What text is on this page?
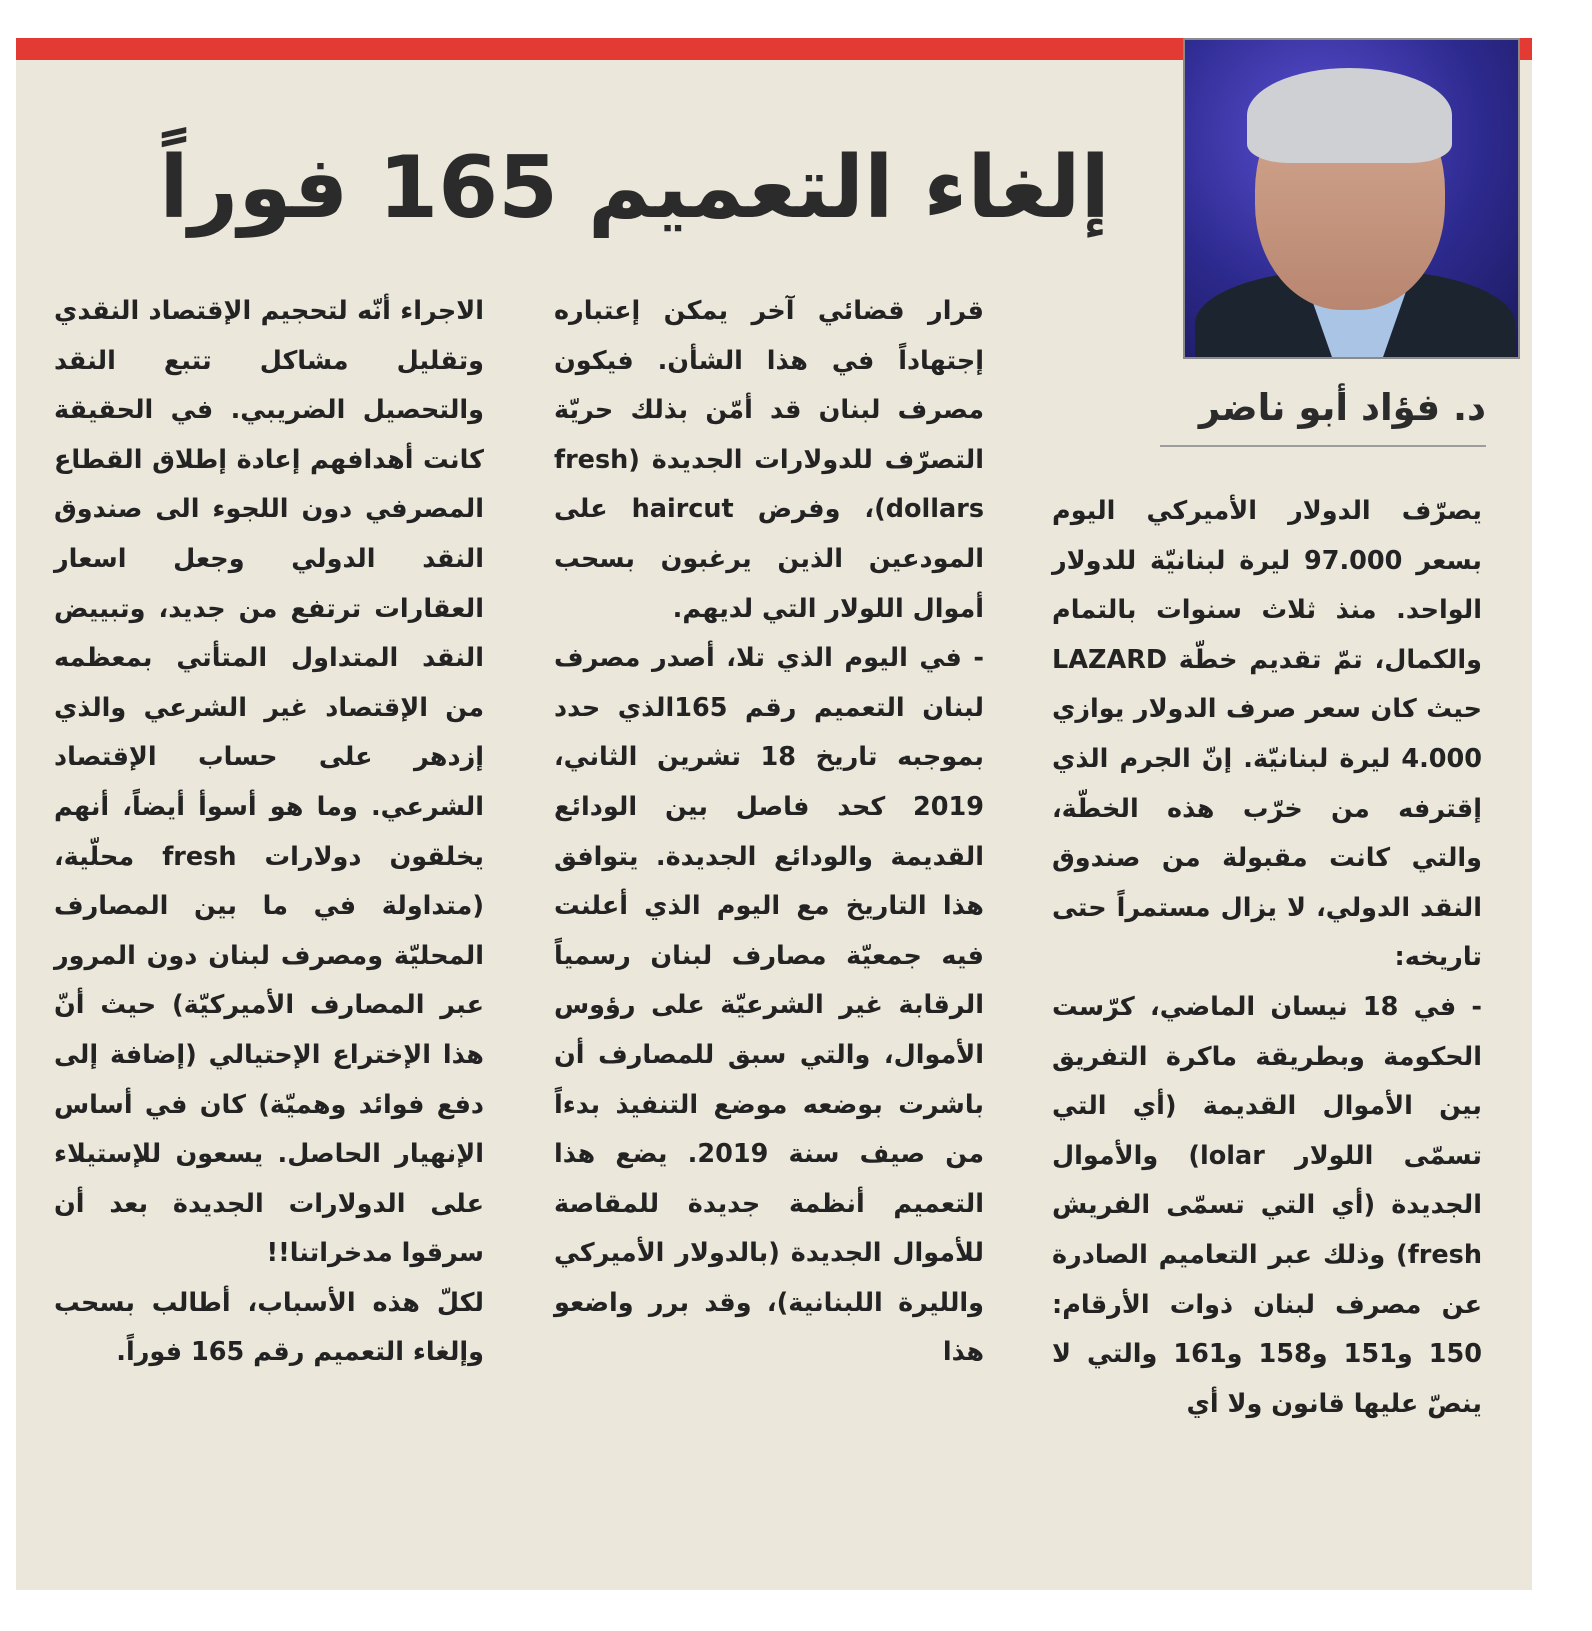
إلغاء التعميم 165 فوراً
د. فؤاد أبو ناضر

يصرّف الدولار الأميركي اليوم بسعر 97.000 ليرة لبنانيّة للدولار الواحد. منذ ثلاث سنوات بالتمام والكمال، تمّ تقديم خطّة LAZARD حيث كان سعر صرف الدولار يوازي 4.000 ليرة لبنانيّة. إنّ الجرم الذي إقترفه من خرّب هذه الخطّة، والتي كانت مقبولة من صندوق النقد الدولي، لا يزال مستمراً حتى تاريخه:

- في 18 نيسان الماضي، كرّست الحكومة وبطريقة ماكرة التفريق بين الأموال القديمة (أي التي تسمّى اللولار lolar) والأموال الجديدة (أي التي تسمّى الفريش fresh) وذلك عبر التعاميم الصادرة عن مصرف لبنان ذوات الأرقام: 150 و151 و158 و161 والتي لا ينصّ عليها قانون ولا أي

قرار قضائي آخر يمكن إعتباره إجتهاداً في هذا الشأن. فيكون مصرف لبنان قد أمّن بذلك حريّة التصرّف للدولارات الجديدة (fresh dollars)، وفرض haircut على المودعين الذين يرغبون بسحب أموال اللولار التي لديهم.

- في اليوم الذي تلا، أصدر مصرف لبنان التعميم رقم 165الذي حدد بموجبه تاريخ 18 تشرين الثاني، 2019 كحد فاصل بين الودائع القديمة والودائع الجديدة. يتوافق هذا التاريخ مع اليوم الذي أعلنت فيه جمعيّة مصارف لبنان رسمياً الرقابة غير الشرعيّة على رؤوس الأموال، والتي سبق للمصارف أن باشرت بوضعه موضع التنفيذ بدءاً من صيف سنة 2019. يضع هذا التعميم أنظمة جديدة للمقاصة للأموال الجديدة (بالدولار الأميركي والليرة اللبنانية)، وقد برر واضعو هذا

الاجراء أنّه لتحجيم الإقتصاد النقدي وتقليل مشاكل تتبع النقد والتحصيل الضريبي. في الحقيقة كانت أهدافهم إعادة إطلاق القطاع المصرفي دون اللجوء الى صندوق النقد الدولي وجعل اسعار العقارات ترتفع من جديد، وتبييض النقد المتداول المتأتي بمعظمه من الإقتصاد غير الشرعي والذي إزدهر على حساب الإقتصاد الشرعي. وما هو أسوأ أيضاً، أنهم يخلقون دولارات fresh محلّية، (متداولة في ما بين المصارف المحليّة ومصرف لبنان دون المرور عبر المصارف الأميركيّة) حيث أنّ هذا الإختراع الإحتيالي (إضافة إلى دفع فوائد وهميّة) كان في أساس الإنهيار الحاصل. يسعون للإستيلاء على الدولارات الجديدة بعد أن سرقوا مدخراتنا!!

لكلّ هذه الأسباب، أطالب بسحب وإلغاء التعميم رقم 165 فوراً.
